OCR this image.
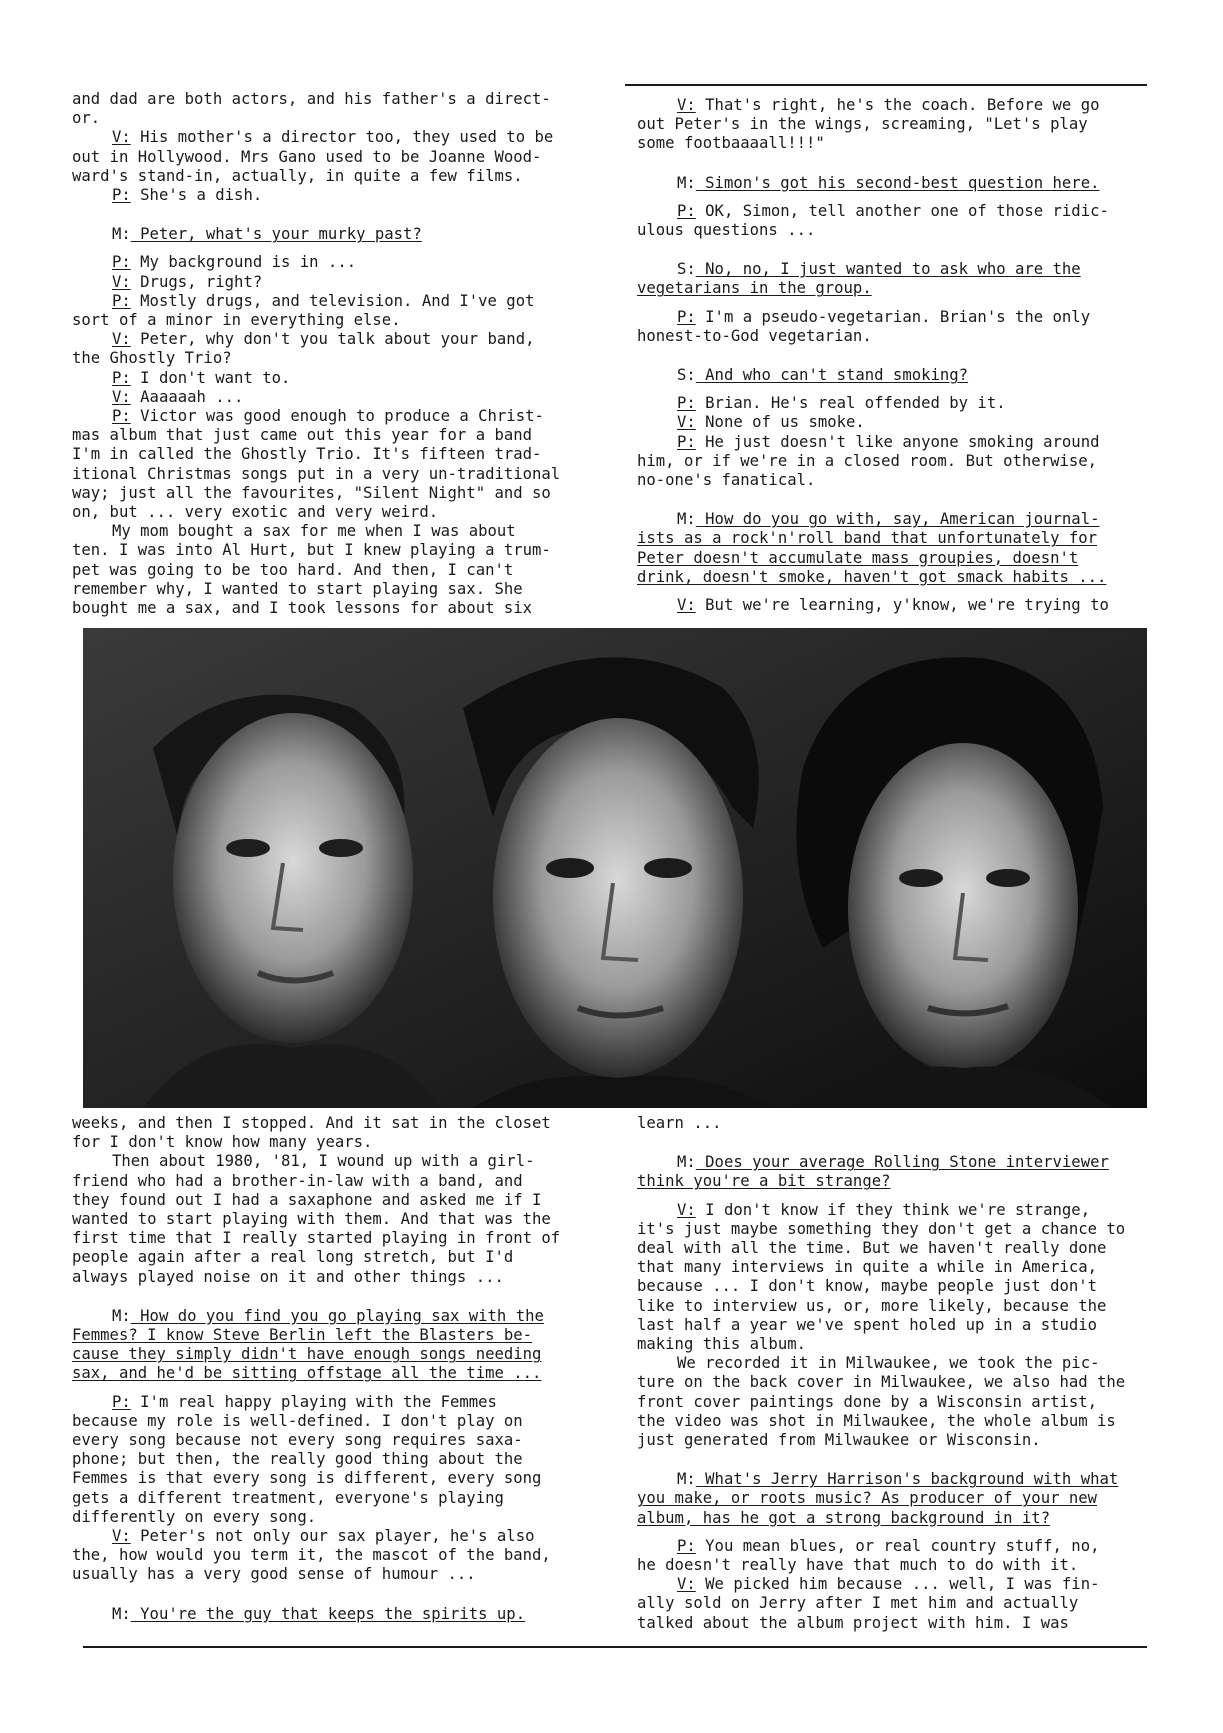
and dad are both actors, and his father's a direct-

or.

V: His mother's a director too, they used to be

out in Hollywood. Mrs Gano used to be Joanne Wood-

ward's stand-in, actually, in quite a few films.

P: She's a dish.

M: Peter, what's your murky past?

P: My background is in ...

V: Drugs, right?

P: Mostly drugs, and television. And I've got

sort of a minor in everything else.

V: Peter, why don't you talk about your band,

the Ghostly Trio?

P: I don't want to.

V: Aaaaaah ...

P: Victor was good enough to produce a Christ-

mas album that just came out this year for a band

I'm in called the Ghostly Trio. It's fifteen trad-

itional Christmas songs put in a very un-traditional

way; just all the favourites, "Silent Night" and so

on, but ... very exotic and very weird.

My mom bought a sax for me when I was about

ten. I was into Al Hurt, but I knew playing a trum-

pet was going to be too hard. And then, I can't

remember why, I wanted to start playing sax. She

bought me a sax, and I took lessons for about six

V: That's right, he's the coach. Before we go

out Peter's in the wings, screaming, "Let's play

some footbaaaall!!!"

M: Simon's got his second-best question here.

P: OK, Simon, tell another one of those ridic-

ulous questions ...

S: No, no, I just wanted to ask who are the

vegetarians in the group.

P: I'm a pseudo-vegetarian. Brian's the only

honest-to-God vegetarian.

S: And who can't stand smoking?

P: Brian. He's real offended by it.

V: None of us smoke.

P: He just doesn't like anyone smoking around

him, or if we're in a closed room. But otherwise,

no-one's fanatical.

M: How do you go with, say, American journal-

ists as a rock'n'roll band that unfortunately for

Peter doesn't accumulate mass groupies, doesn't

drink, doesn't smoke, haven't got smack habits ...

V: But we're learning, y'know, we're trying to

weeks, and then I stopped. And it sat in the closet

for I don't know how many years.

Then about 1980, '81, I wound up with a girl-

friend who had a brother-in-law with a band, and

they found out I had a saxaphone and asked me if I

wanted to start playing with them. And that was the

first time that I really started playing in front of

people again after a real long stretch, but I'd

always played noise on it and other things ...

M: How do you find you go playing sax with the

Femmes? I know Steve Berlin left the Blasters be-

cause they simply didn't have enough songs needing

sax, and he'd be sitting offstage all the time ...

P: I'm real happy playing with the Femmes

because my role is well-defined. I don't play on

every song because not every song requires saxa-

phone; but then, the really good thing about the

Femmes is that every song is different, every song

gets a different treatment, everyone's playing

differently on every song.

V: Peter's not only our sax player, he's also

the, how would you term it, the mascot of the band,

usually has a very good sense of humour ...

M: You're the guy that keeps the spirits up.

learn ...

M: Does your average Rolling Stone interviewer

think you're a bit strange?

V: I don't know if they think we're strange,

it's just maybe something they don't get a chance to

deal with all the time. But we haven't really done

that many interviews in quite a while in America,

because ... I don't know, maybe people just don't

like to interview us, or, more likely, because the

last half a year we've spent holed up in a studio

making this album.

We recorded it in Milwaukee, we took the pic-

ture on the back cover in Milwaukee, we also had the

front cover paintings done by a Wisconsin artist,

the video was shot in Milwaukee, the whole album is

just generated from Milwaukee or Wisconsin.

M: What's Jerry Harrison's background with what

you make, or roots music? As producer of your new

album, has he got a strong background in it?

P: You mean blues, or real country stuff, no,

he doesn't really have that much to do with it.

V: We picked him because ... well, I was fin-

ally sold on Jerry after I met him and actually

talked about the album project with him. I was
